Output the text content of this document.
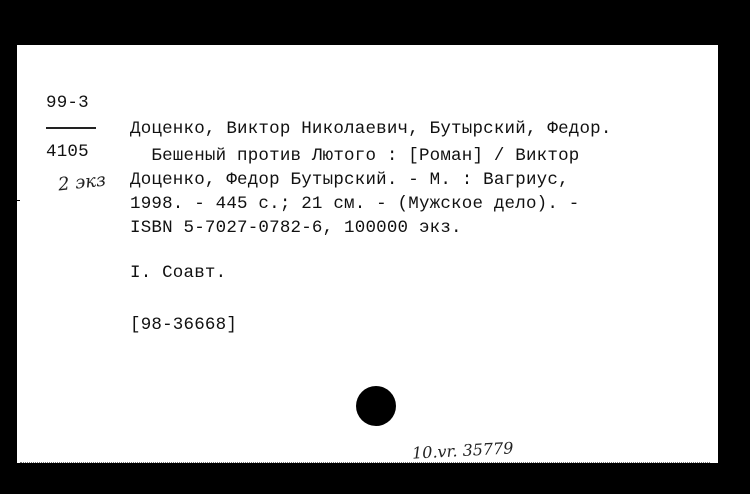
99-3
4105
2 экз
Доценко, Виктор Николаевич, Бутырский, Федор.
Бешеный против Лютого : [Роман] / Виктор
Доценко, Федор Бутырский. - М. : Вагриус,
1998. - 445 с.; 21 см. - (Мужское дело). -
ISBN 5-7027-0782-6, 100000 экз.
I. Соавт.
[98-36668]
10.vr. 35779
